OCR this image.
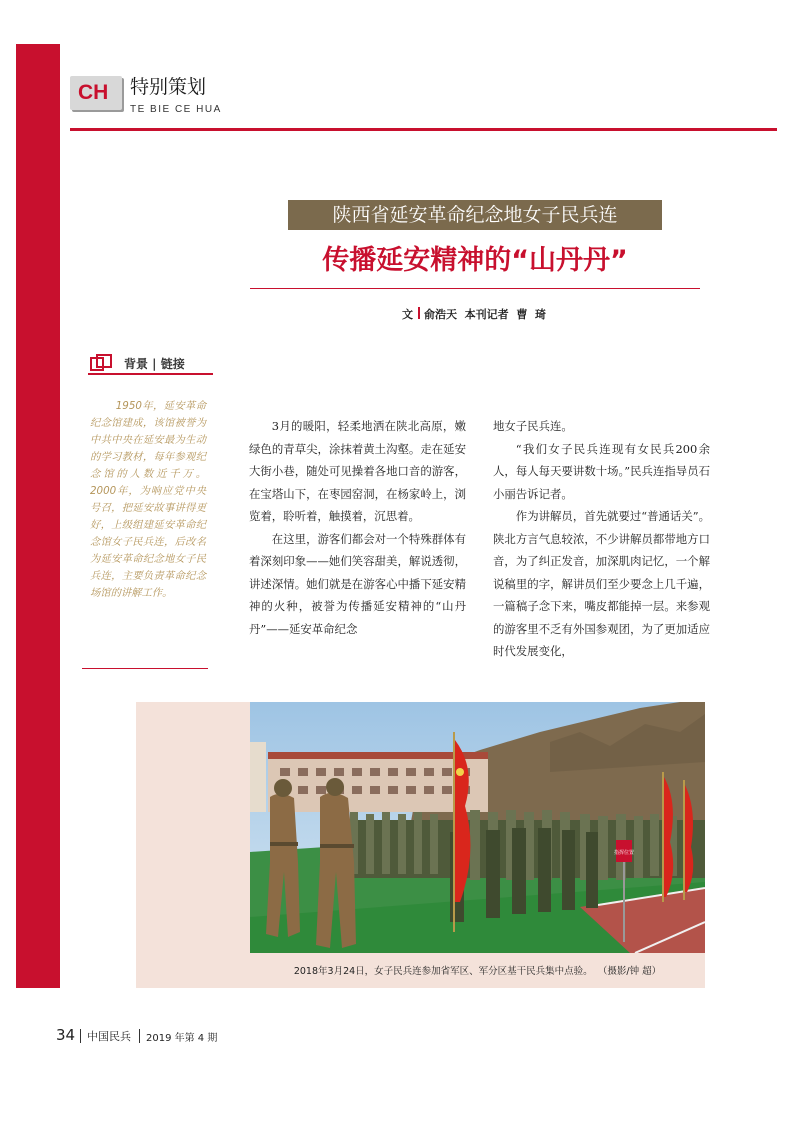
CH	特别策划
TE BIE CE HUA
陕西省延安革命纪念地女子民兵连
传播延安精神的“山丹丹”
文 俞浩天  本刊记者  曹  琦
背景 | 链接
1950年，延安革命纪念馆建成，该馆被誉为中共中央在延安最为生动的学习教材，每年参观纪念馆的人数近千万。2000年，为响应党中央号召，把延安故事讲得更好，上级组建延安革命纪念馆女子民兵连，后改名为延安革命纪念地女子民兵连，主要负责革命纪念场馆的讲解工作。

3月的暖阳，轻柔地洒在陕北高原，嫩绿色的青草尖，涂抹着黄土沟壑。走在延安大街小巷，随处可见操着各地口音的游客，在宝塔山下，在枣园窑洞，在杨家岭上，浏览着，聆听着，触摸着，沉思着。

在这里，游客们都会对一个特殊群体有着深刻印象——她们笑容甜美，解说透彻，讲述深情。她们就是在游客心中播下延安精神的火种，被誉为传播延安精神的“山丹丹”——延安革命纪念

地女子民兵连。

“我们女子民兵连现有女民兵200余人，每人每天要讲数十场。”民兵连指导员石小丽告诉记者。

作为讲解员，首先就要过“普通话关”。陕北方言气息较浓，不少讲解员都带地方口音，为了纠正发音，加深肌肉记忆，一个解说稿里的字，解讲员们至少要念上几千遍，一篇稿子念下来，嘴皮都能掉一层。来参观的游客里不乏有外国参观团，为了更加适应时代发展变化，

指挥位置
2018年3月24日，女子民兵连参加省军区、军分区基干民兵集中点验。 （摄影/钟 超）
34 中国民兵 2019 年第 4 期
